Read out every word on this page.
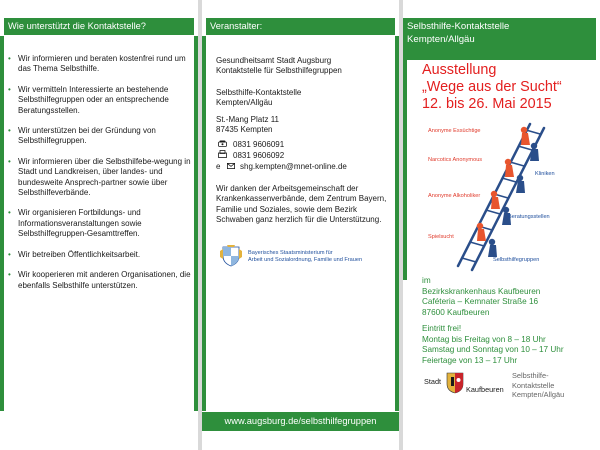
Wie unterstützt die Kontaktstelle?
• Wir informieren und beraten kostenfrei rund um das Thema Selbsthilfe.
• Wir vermitteln Interessierte an bestehende Selbsthilfegruppen oder an entsprechende Beratungsstellen.
• Wir unterstützen bei der Gründung von Selbsthilfegruppen.
• Wir informieren über die Selbsthilfebe-wegung in Stadt und Landkreisen, über landes- und bundesweite Ansprech-partner sowie über Selbsthilfeverbände.
• Wir organisieren Fortbildungs- und Informationsveranstaltungen sowie Selbsthilfegruppen-Gesamttreffen.
• Wir betreiben Öffentlichkeitsarbeit.
• Wir kooperieren mit anderen Organisationen, die ebenfalls Selbsthilfe unterstützen.
Veranstalter:
Gesundheitsamt Stadt Augsburg
Kontaktstelle für Selbsthilfegruppen
Selbsthilfe-Kontaktstelle
Kempten/Allgäu
St.-Mang Platz 11
87435 Kempten
0831 9606091
0831 9606092
e shg.kempten@mnet-online.de
Wir danken der Arbeitsgemeinschaft der Krankenkassenverbände, dem Zentrum Bayern, Familie und Soziales, sowie dem Bezirk Schwaben ganz herzlich für die Unterstützung.
Bayerisches Staatsministerium für
Arbeit und Sozialordnung, Familie und Frauen
www.augsburg.de/selbsthilfegruppen
Selbsthilfe-Kontaktstelle
Kempten/Allgäu
Ausstellung
„Wege aus der Sucht“
12. bis 26. Mai 2015
Anonyme Essüchtige
Narcotics Anonymous
Kliniken
Anonyme Alkoholiker
Beratungsstellen
Spielsucht
Selbsthilfegruppen
im
Bezirkskrankenhaus Kaufbeuren
Caféteria – Kemnater Straße 16
87600 Kaufbeuren
Eintritt frei!
Montag bis Freitag von 8 – 18 Uhr
Samstag und Sonntag von 10 – 17 Uhr
Feiertage von 13 – 17 Uhr
Stadt
Kaufbeuren
Selbsthilfe-
Kontaktstelle
Kempten/Allgäu
